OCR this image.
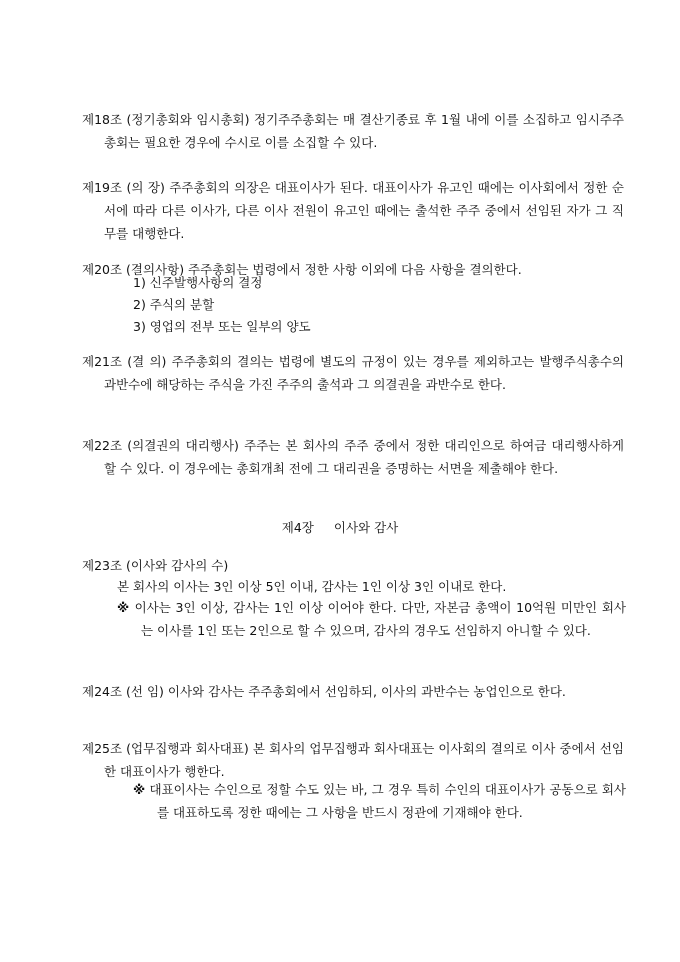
제18조 (정기총회와 임시총회) 정기주주총회는 매 결산기종료 후 1월 내에 이를 소집하고 임시주주총회는 필요한 경우에 수시로 이를 소집할 수 있다.

제19조 (의 장) 주주총회의 의장은 대표이사가 된다. 대표이사가 유고인 때에는 이사회에서 정한 순서에 따라 다른 이사가, 다른 이사 전원이 유고인 때에는 출석한 주주 중에서 선임된 자가 그 직무를 대행한다.

제20조 (결의사항) 주주총회는 법령에서 정한 사항 이외에 다음 사항을 결의한다.

1) 신주발행사항의 결정
2) 주식의 분할
3) 영업의 전부 또는 일부의 양도

제21조 (결 의) 주주총회의 결의는 법령에 별도의 규정이 있는 경우를 제외하고는 발행주식총수의 과반수에 해당하는 주식을 가진 주주의 출석과 그 의결권을 과반수로 한다.

제22조 (의결권의 대리행사) 주주는 본 회사의 주주 중에서 정한 대리인으로 하여금 대리행사하게 할 수 있다. 이 경우에는 총회개최 전에 그 대리권을 증명하는 서면을 제출해야 한다.

제4장 이사와 감사

제23조 (이사와 감사의 수)

본 회사의 이사는 3인 이상 5인 이내, 감사는 1인 이상 3인 이내로 한다.

※ 이사는 3인 이상, 감사는 1인 이상 이어야 한다. 다만, 자본금 총액이 10억원 미만인 회사는 이사를 1인 또는 2인으로 할 수 있으며, 감사의 경우도 선임하지 아니할 수 있다.

제24조 (선 임) 이사와 감사는 주주총회에서 선임하되, 이사의 과반수는 농업인으로 한다.

제25조 (업무집행과 회사대표) 본 회사의 업무집행과 회사대표는 이사회의 결의로 이사 중에서 선임한 대표이사가 행한다.

※ 대표이사는 수인으로 정할 수도 있는 바, 그 경우 특히 수인의 대표이사가 공동으로 회사를 대표하도록 정한 때에는 그 사항을 반드시 정관에 기재해야 한다.
